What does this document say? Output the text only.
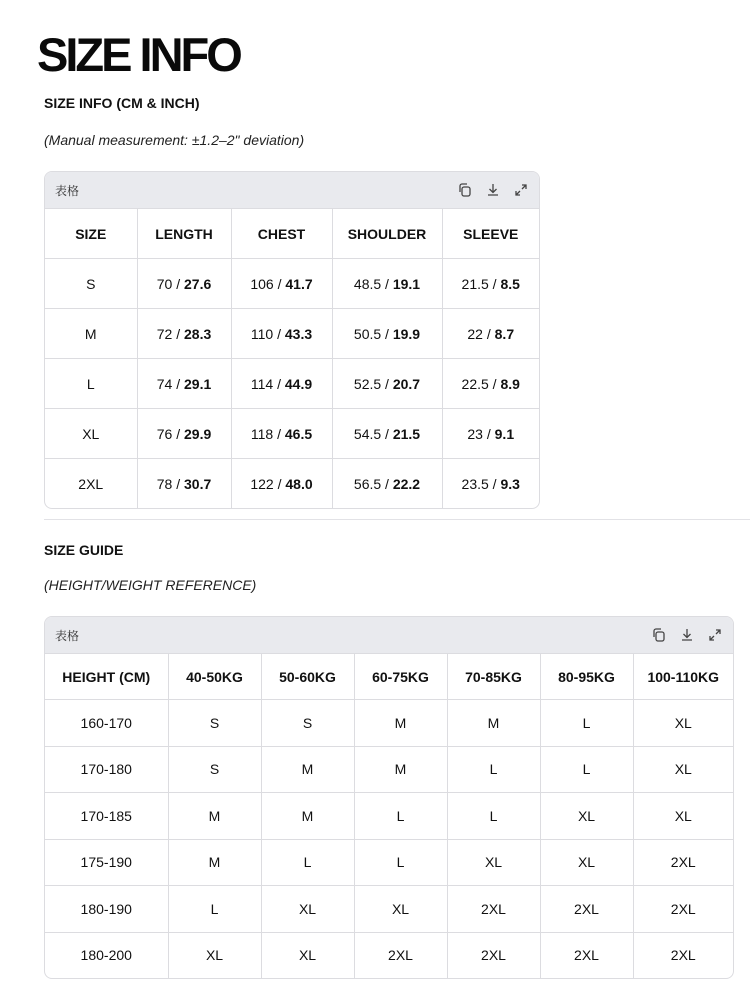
SIZE INFO

SIZE INFO (CM & INCH)

(Manual measurement: ±1.2–2" deviation)

表格
SIZE	LENGTH	CHEST	SHOULDER	SLEEVE
S	70 / 27.6	106 / 41.7	48.5 / 19.1	21.5 / 8.5
M	72 / 28.3	110 / 43.3	50.5 / 19.9	22 / 8.7
L	74 / 29.1	114 / 44.9	52.5 / 20.7	22.5 / 8.9
XL	76 / 29.9	118 / 46.5	54.5 / 21.5	23 / 9.1
2XL	78 / 30.7	122 / 48.0	56.5 / 22.2	23.5 / 9.3

SIZE GUIDE

(HEIGHT/WEIGHT REFERENCE)

表格
HEIGHT (CM)	40-50KG	50-60KG	60-75KG	70-85KG	80-95KG	100-110KG
160-170	S	S	M	M	L	XL
170-180	S	M	M	L	L	XL
170-185	M	M	L	L	XL	XL
175-190	M	L	L	XL	XL	2XL
180-190	L	XL	XL	2XL	2XL	2XL
180-200	XL	XL	2XL	2XL	2XL	2XL
